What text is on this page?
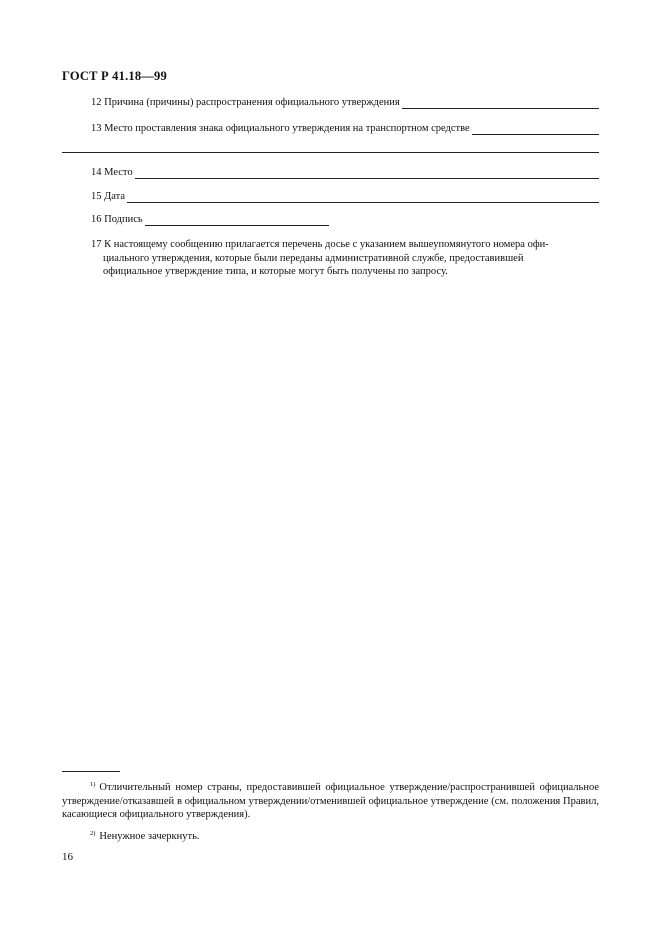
ГОСТ Р 41.18—99
12 Причина (причины) распространения официального утверждения
13 Место проставления знака официального утверждения на транспортном средстве
14 Место
15 Дата
16 Подпись
17 К настоящему сообщению прилагается перечень досье с указанием вышеупомянутого номера офи-
циального утверждения, которые были переданы административной службе, предоставившей
официальное утверждение типа, и которые могут быть получены по запросу.
$^{1)}$ Отличительный номер страны, предоставившей официальное утверждение/распространившей официальное утверждение/отказавшей в официальном утверждении/отменившей официальное утверждение (см. положения Правил, касающиеся официального утверждения).
$^{2)}$ Ненужное зачеркнуть.
16
